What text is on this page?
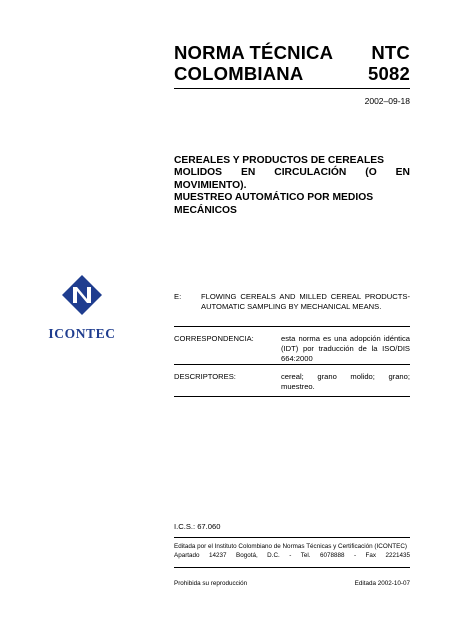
NORMA TÉCNICA
COLOMBIANA
NTC
5082
2002–09-18
CEREALES Y PRODUCTOS DE CEREALES
MOLIDOS EN CIRCULACIÓN (O EN MOVIMIENTO).
MUESTREO AUTOMÁTICO POR MEDIOS
MECÁNICOS
ICONTEC
E:	FLOWING CEREALS AND MILLED CEREAL PRODUCTS-AUTOMATIC SAMPLING BY MECHANICAL MEANS.
CORRESPONDENCIA:	esta norma es una adopción idéntica (IDT) por traducción de la ISO/DIS 664:2000
DESCRIPTORES:	cereal; grano molido; grano; muestreo.
I.C.S.: 67.060
Editada por el Instituto Colombiano de Normas Técnicas y Certificación (ICONTEC)
Apartado 14237 Bogotá, D.C. - Tel. 6078888 - Fax 2221435
Prohibida su reproducción	Editada 2002-10-07
